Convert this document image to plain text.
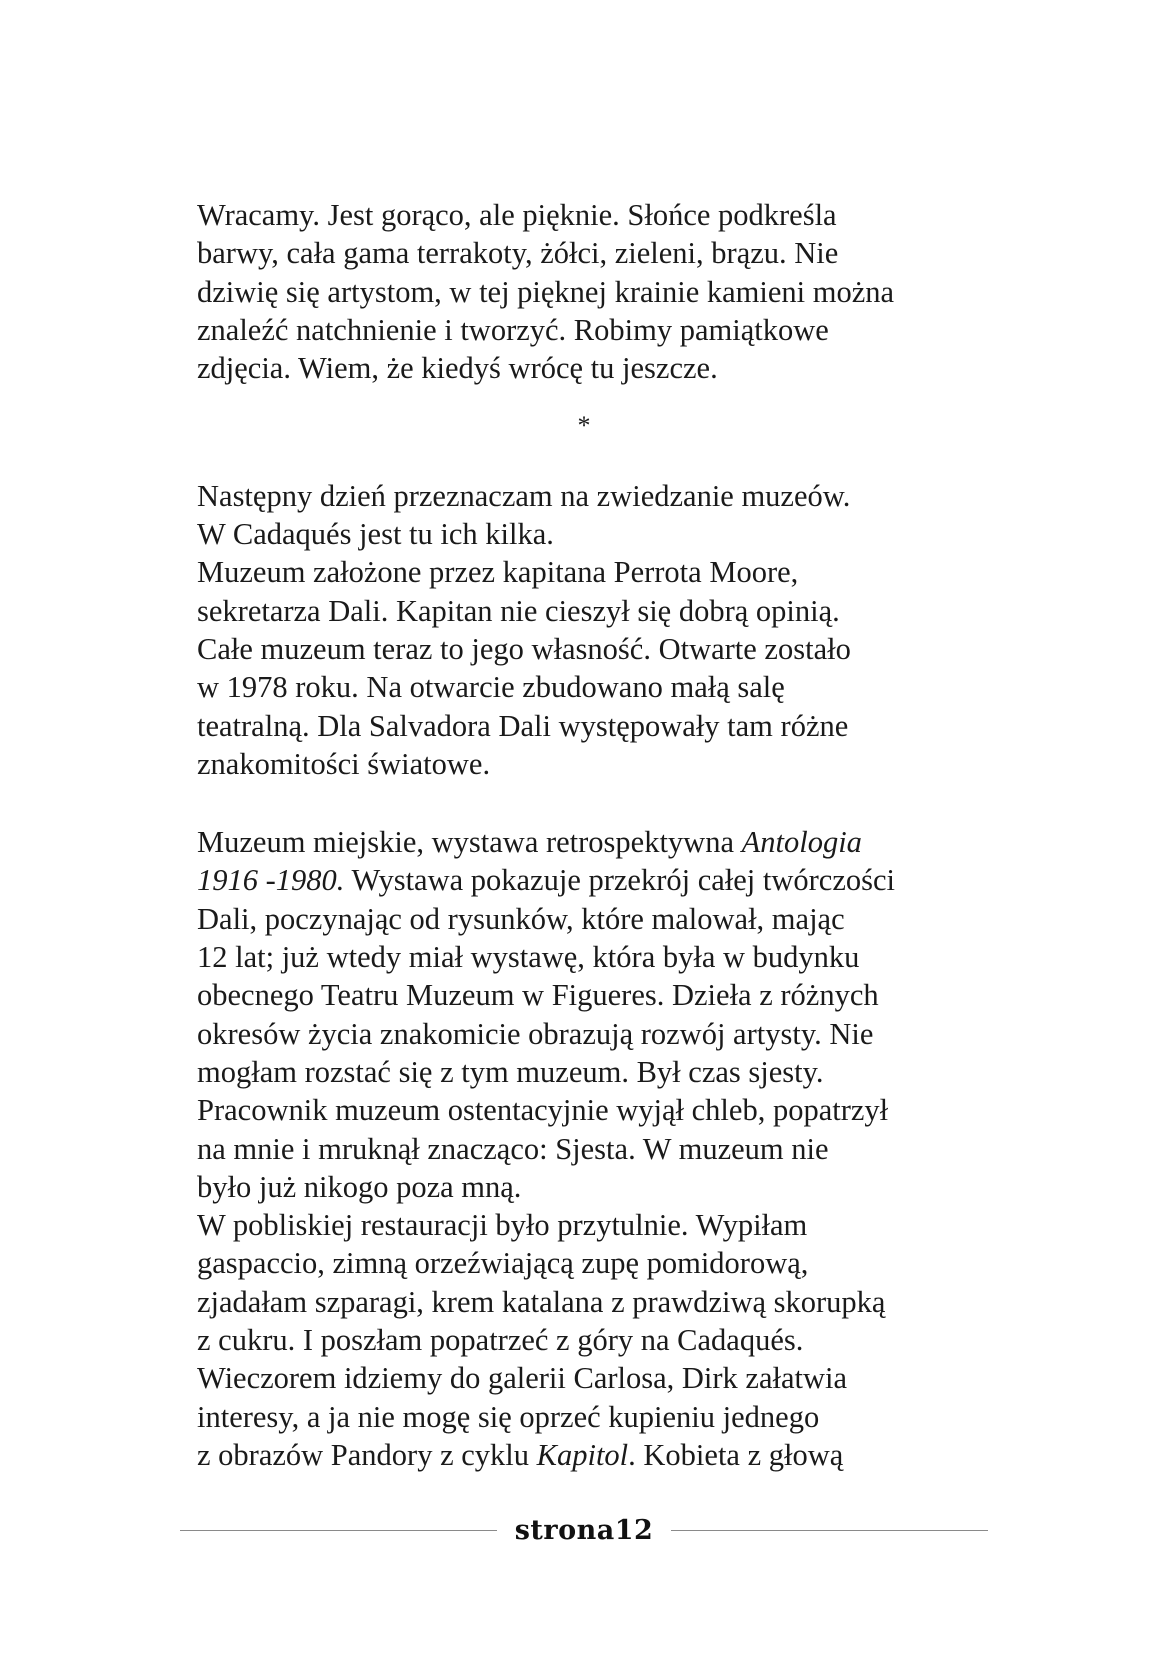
Wracamy. Jest gorąco, ale pięknie. Słońce podkreśla
barwy, cała gama terrakoty, żółci, zieleni, brązu. Nie
dziwię się artystom, w tej pięknej krainie kamieni można
znaleźć natchnienie i tworzyć. Robimy pamiątkowe
zdjęcia. Wiem, że kiedyś wrócę tu jeszcze.
*
Następny dzień przeznaczam na zwiedzanie muzeów.
W Cadaqués jest tu ich kilka.
Muzeum założone przez kapitana Perrota Moore,
sekretarza Dali. Kapitan nie cieszył się dobrą opinią.
Całe muzeum teraz to jego własność. Otwarte zostało
w 1978 roku. Na otwarcie zbudowano małą salę
teatralną. Dla Salvadora Dali występowały tam różne
znakomitości światowe.
Muzeum miejskie, wystawa retrospektywna Antologia
1916 -1980. Wystawa pokazuje przekrój całej twórczości
Dali, poczynając od rysunków, które malował, mając
12 lat; już wtedy miał wystawę, która była w budynku
obecnego Teatru Muzeum w Figueres. Dzieła z różnych
okresów życia znakomicie obrazują rozwój artysty. Nie
mogłam rozstać się z tym muzeum. Był czas sjesty.
Pracownik muzeum ostentacyjnie wyjął chleb, popatrzył
na mnie i mruknął znacząco: Sjesta. W muzeum nie
było już nikogo poza mną.
W pobliskiej restauracji było przytulnie. Wypiłam
gaspaccio, zimną orzeźwiającą zupę pomidorową,
zjadałam szparagi, krem katalana z prawdziwą skorupką
z cukru. I poszłam popatrzeć z góry na Cadaqués.
Wieczorem idziemy do galerii Carlosa, Dirk załatwia
interesy, a ja nie mogę się oprzeć kupieniu jednego
z obrazów Pandory z cyklu Kapitol. Kobieta z głową
strona12
